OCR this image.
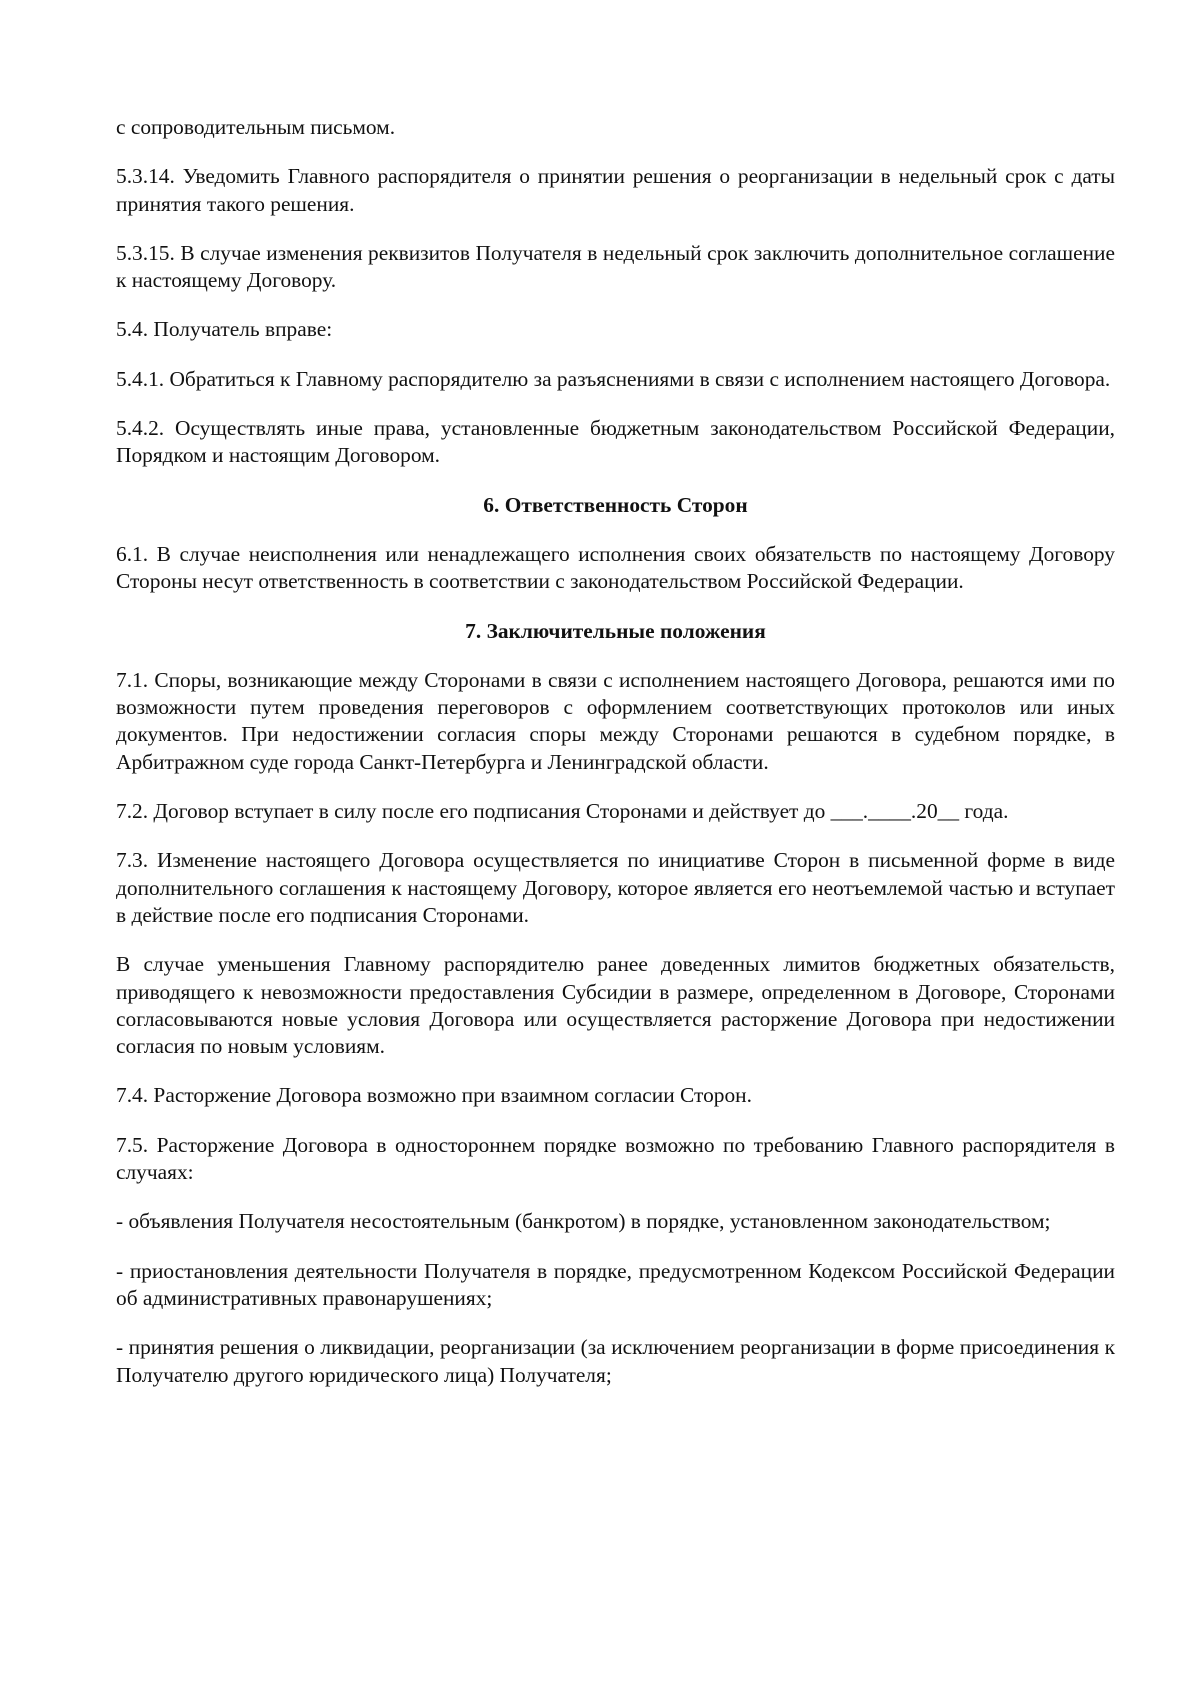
с сопроводительным письмом.

5.3.14. Уведомить Главного распорядителя о принятии решения о реорганизации в недельный срок с даты принятия такого решения.

5.3.15. В случае изменения реквизитов Получателя в недельный срок заключить дополнительное соглашение к настоящему Договору.

5.4. Получатель вправе:

5.4.1. Обратиться к Главному распорядителю за разъяснениями в связи с исполнением настоящего Договора.

5.4.2. Осуществлять иные права, установленные бюджетным законодательством Российской Федерации, Порядком и настоящим Договором.

6. Ответственность Сторон

6.1. В случае неисполнения или ненадлежащего исполнения своих обязательств по настоящему Договору Стороны несут ответственность в соответствии с законодательством Российской Федерации.

7. Заключительные положения

7.1. Споры, возникающие между Сторонами в связи с исполнением настоящего Договора, решаются ими по возможности путем проведения переговоров с оформлением соответствующих протоколов или иных документов. При недостижении согласия споры между Сторонами решаются в судебном порядке, в Арбитражном суде города Санкт-Петербурга и Ленинградской области.

7.2. Договор вступает в силу после его подписания Сторонами и действует до ___.____.20__ года.

7.3. Изменение настоящего Договора осуществляется по инициативе Сторон в письменной форме в виде дополнительного соглашения к настоящему Договору, которое является его неотъемлемой частью и вступает в действие после его подписания Сторонами.

В случае уменьшения Главному распорядителю ранее доведенных лимитов бюджетных обязательств, приводящего к невозможности предоставления Субсидии в размере, определенном в Договоре, Сторонами согласовываются новые условия Договора или осуществляется расторжение Договора при недостижении согласия по новым условиям.

7.4. Расторжение Договора возможно при взаимном согласии Сторон.

7.5. Расторжение Договора в одностороннем порядке возможно по требованию Главного распорядителя в случаях:

- объявления Получателя несостоятельным (банкротом) в порядке, установленном законодательством;

- приостановления деятельности Получателя в порядке, предусмотренном Кодексом Российской Федерации об административных правонарушениях;

- принятия решения о ликвидации, реорганизации (за исключением реорганизации в форме присоединения к Получателю другого юридического лица) Получателя;
